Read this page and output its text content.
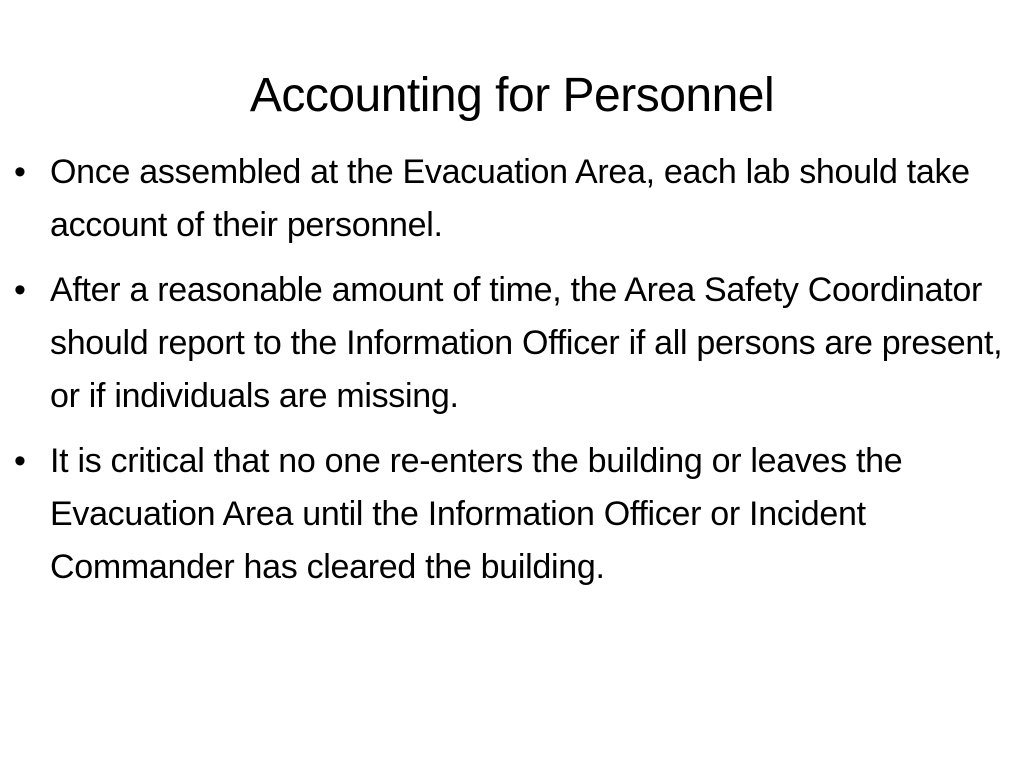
Accounting for Personnel
• Once assembled at the Evacuation Area, each lab should take account of their personnel.
• After a reasonable amount of time, the Area Safety Coordinator should report to the Information Officer if all persons are present, or if individuals are missing.
• It is critical that no one re-enters the building or leaves the Evacuation Area until the Information Officer or Incident Commander has cleared the building.
